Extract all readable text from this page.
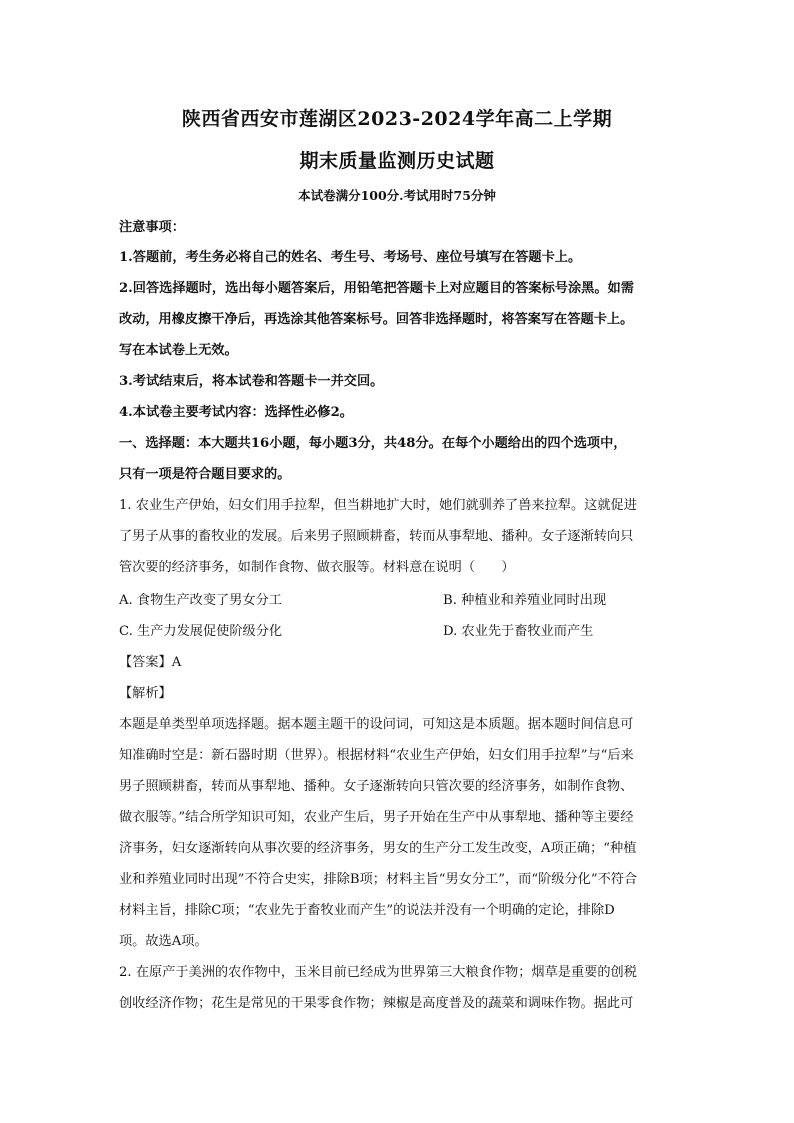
陕西省西安市莲湖区2023-2024学年高二上学期
期末质量监测历史试题
本试卷满分100分.考试用时75分钟
注意事项：
1.答题前，考生务必将自己的姓名、考生号、考场号、座位号填写在答题卡上。
2.回答选择题时，选出每小题答案后，用铅笔把答题卡上对应题目的答案标号涂黑。如需
改动，用橡皮擦干净后，再选涂其他答案标号。回答非选择题时，将答案写在答题卡上。
写在本试卷上无效。
3.考试结束后，将本试卷和答题卡一并交回。
4.本试卷主要考试内容：选择性必修2。
一、选择题：本大题共16小题，每小题3分，共48分。在每个小题给出的四个选项中，
只有一项是符合题目要求的。
1. 农业生产伊始，妇女们用手拉犁，但当耕地扩大时，她们就驯养了兽来拉犁。这就促进
了男子从事的畜牧业的发展。后来男子照顾耕畜，转而从事犁地、播种。女子逐渐转向只
管次要的经济事务，如制作食物、做衣服等。材料意在说明（　　）
A. 食物生产改变了男女分工	B. 种植业和养殖业同时出现
C. 生产力发展促使阶级分化	D. 农业先于畜牧业而产生
【答案】A
【解析】
本题是单类型单项选择题。据本题主题干的设问词，可知这是本质题。据本题时间信息可
知准确时空是：新石器时期（世界）。根据材料“农业生产伊始，妇女们用手拉犁”与“后来
男子照顾耕畜，转而从事犁地、播种。女子逐渐转向只管次要的经济事务，如制作食物、
做衣服等。”结合所学知识可知，农业产生后，男子开始在生产中从事犁地、播种等主要经
济事务，妇女逐渐转向从事次要的经济事务，男女的生产分工发生改变，A项正确；“种植
业和养殖业同时出现”不符合史实，排除B项；材料主旨“男女分工”，而“阶级分化”不符合
材料主旨，排除C项；“农业先于畜牧业而产生”的说法并没有一个明确的定论，排除D
项。故选A项。
2. 在原产于美洲的农作物中，玉米目前已经成为世界第三大粮食作物；烟草是重要的创税
创收经济作物；花生是常见的干果零食作物；辣椒是高度普及的蔬菜和调味作物。据此可
